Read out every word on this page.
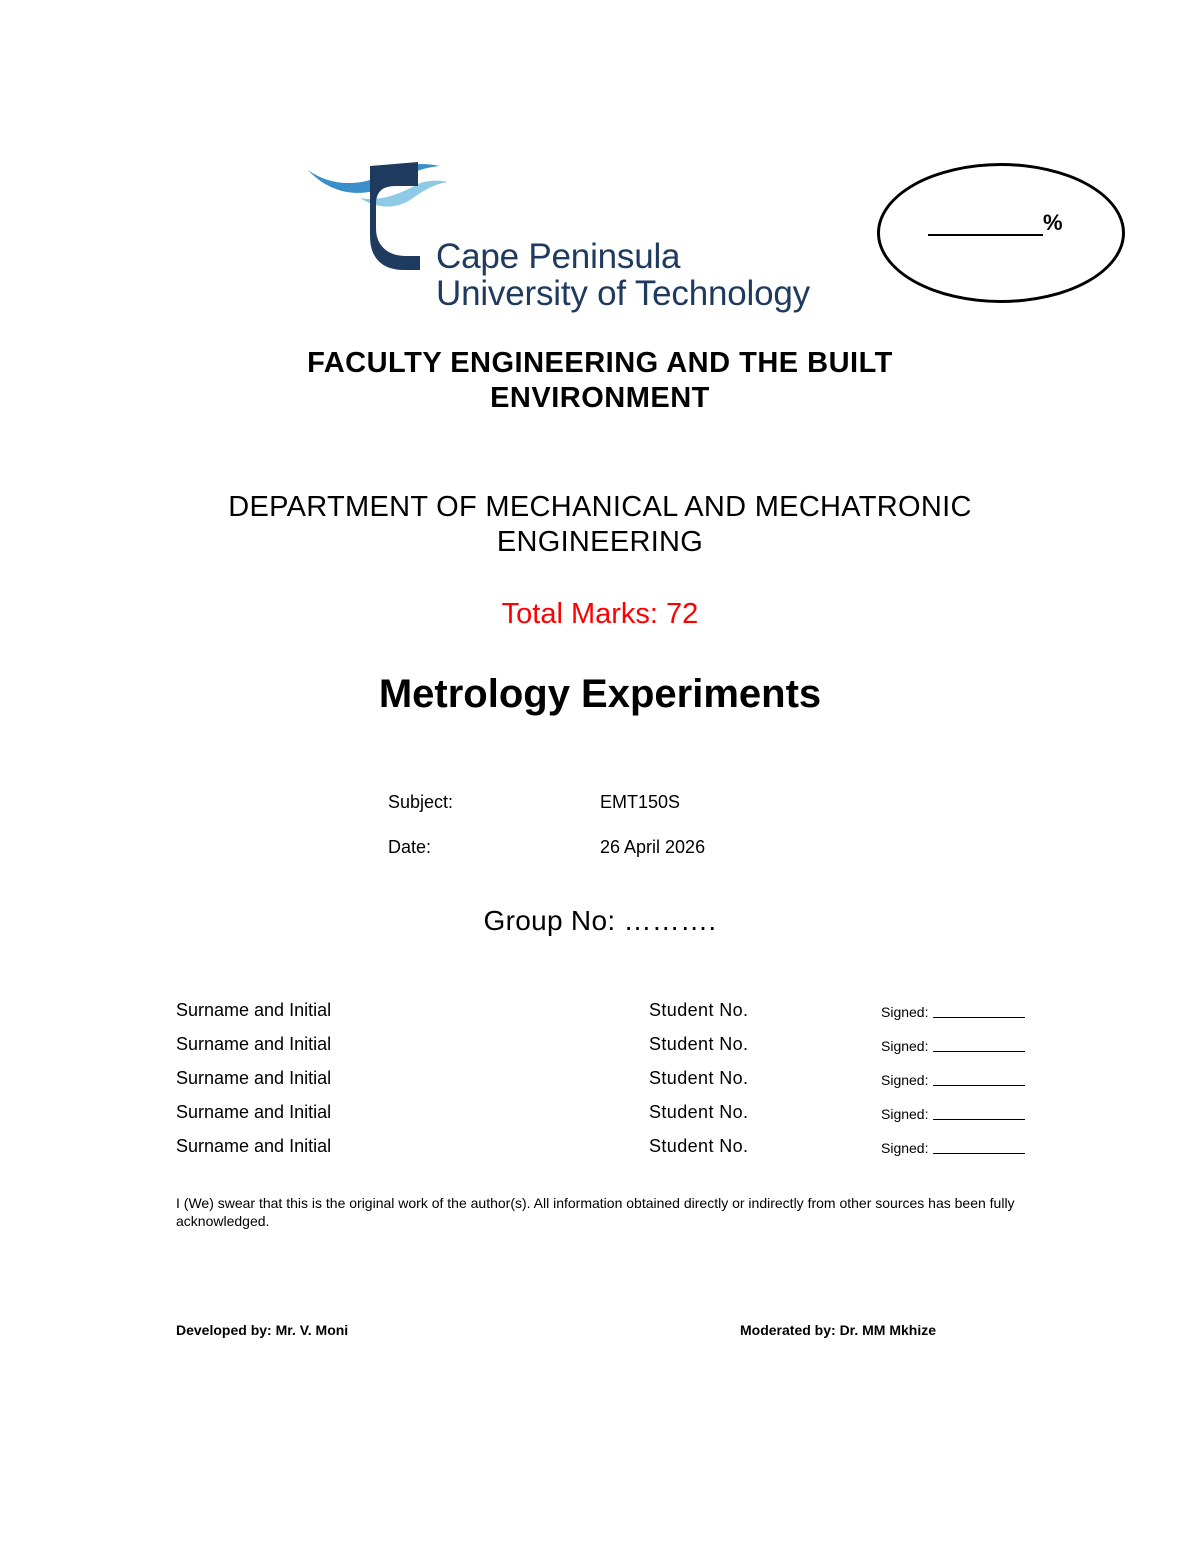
Cape Peninsula
University of Technology
%
FACULTY ENGINEERING AND THE BUILT
ENVIRONMENT
DEPARTMENT OF MECHANICAL AND MECHATRONIC
ENGINEERING
Total Marks: 72
Metrology Experiments
Subject:	EMT150S
Date:	26 April 2026
Group No: ……….
Surname and Initial	Student No.	Signed:
Surname and Initial	Student No.	Signed:
Surname and Initial	Student No.	Signed:
Surname and Initial	Student No.	Signed:
Surname and Initial	Student No.	Signed:
I (We) swear that this is the original work of the author(s). All information obtained directly or indirectly from other sources has been fully acknowledged.
Developed by: Mr. V. Moni	Moderated by: Dr. MM Mkhize
